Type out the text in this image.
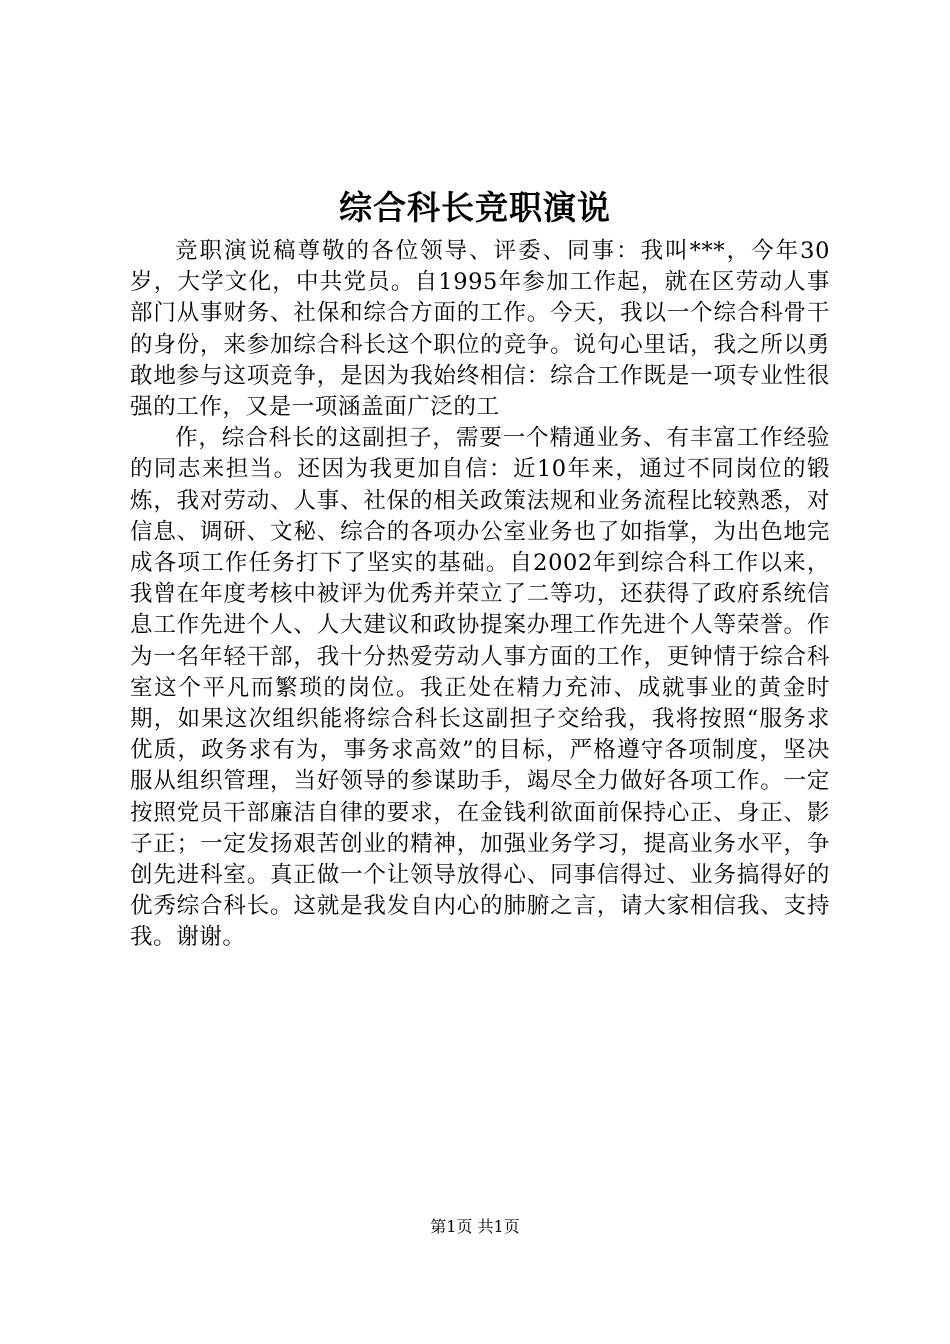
综合科长竞职演说

竞职演说稿尊敬的各位领导、评委、同事：我叫***，今年30岁，大学文化，中共党员。自1995年参加工作起，就在区劳动人事部门从事财务、社保和综合方面的工作。今天，我以一个综合科骨干的身份，来参加综合科长这个职位的竞争。说句心里话，我之所以勇敢地参与这项竞争，是因为我始终相信：综合工作既是一项专业性很强的工作，又是一项涵盖面广泛的工

作，综合科长的这副担子，需要一个精通业务、有丰富工作经验的同志来担当。还因为我更加自信：近10年来，通过不同岗位的锻炼，我对劳动、人事、社保的相关政策法规和业务流程比较熟悉，对信息、调研、文秘、综合的各项办公室业务也了如指掌，为出色地完成各项工作任务打下了坚实的基础。自2002年到综合科工作以来，我曾在年度考核中被评为优秀并荣立了二等功，还获得了政府系统信息工作先进个人、人大建议和政协提案办理工作先进个人等荣誉。作为一名年轻干部，我十分热爱劳动人事方面的工作，更钟情于综合科室这个平凡而繁琐的岗位。我正处在精力充沛、成就事业的黄金时期，如果这次组织能将综合科长这副担子交给我，我将按照“服务求优质，政务求有为，事务求高效”的目标，严格遵守各项制度，坚决服从组织管理，当好领导的参谋助手，竭尽全力做好各项工作。一定按照党员干部廉洁自律的要求，在金钱利欲面前保持心正、身正、影子正；一定发扬艰苦创业的精神，加强业务学习，提高业务水平，争创先进科室。真正做一个让领导放得心、同事信得过、业务搞得好的优秀综合科长。这就是我发自内心的肺腑之言，请大家相信我、支持我。谢谢。

第1页 共1页
